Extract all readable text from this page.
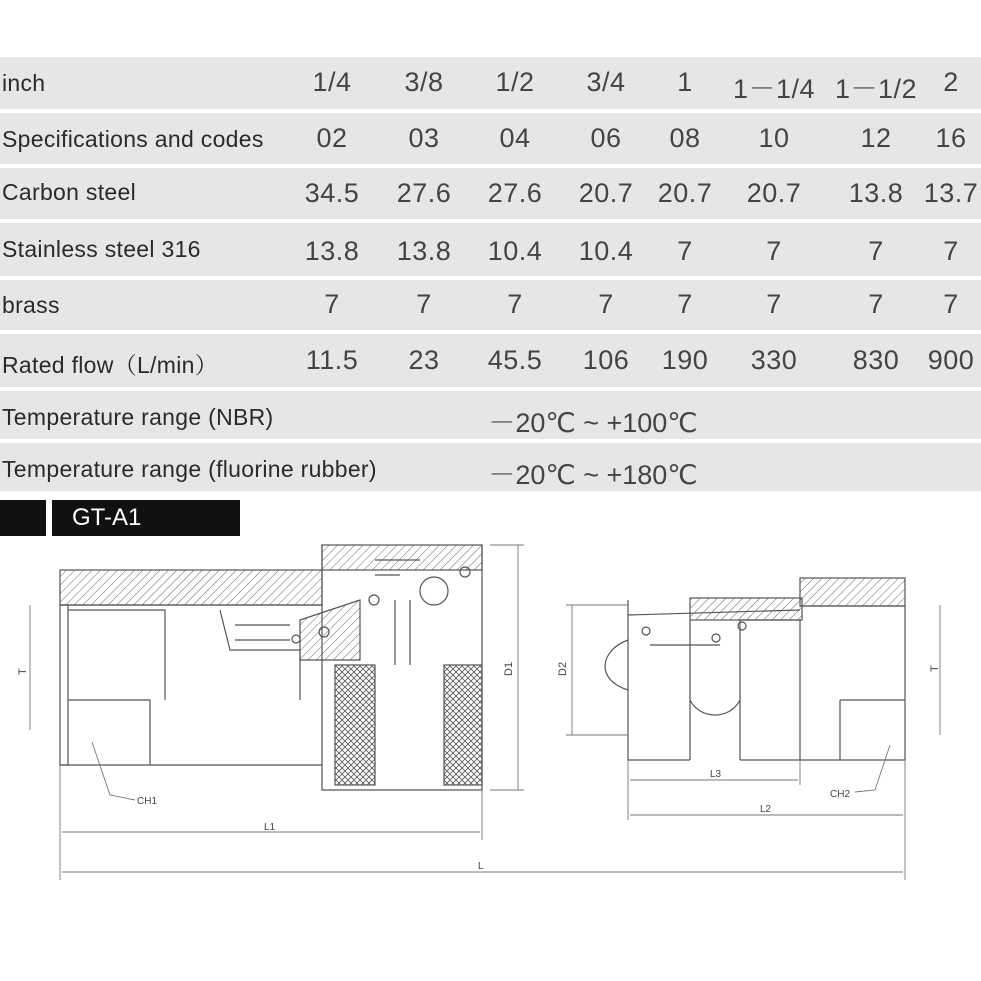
inch	1/4 3/8 1/2 3/4 1 1－1/4 1－1/2 2
Specifications and codes 02 03 04 06 08 10	12 16
Carbon steel	34.5 27.6 27.6 20.7 20.7 20.7 13.8 13.7
Stainless steel 316	13.8 13.8 10.4 10.4 7	7	7 7
brass	7	7	7	7 7	7	7 7
Rated flow（L/min）	11.5 23 45.5 106 190 330 830 900
Temperature range (NBR)	－20℃ ~ +100℃
Temperature range (fluorine rubber)	－20℃ ~ +180℃
GT-A1
T	D1	D2	T
CH1
CH2
L1
L2
L3
L
